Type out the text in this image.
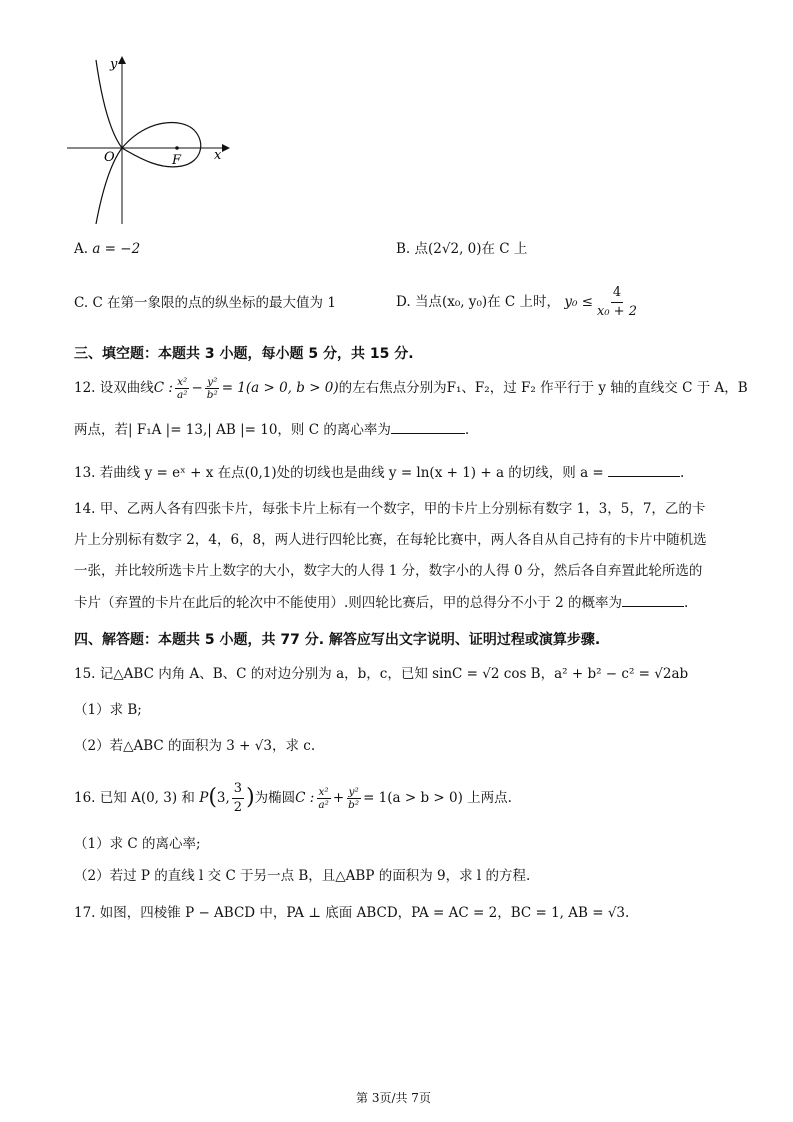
y
x
O	F
A. a = −2	B. 点(2√2, 0)在 C 上
C. C 在第一象限的点的纵坐标的最大值为 1	D.
当点 (x₀, y₀) 在 C 上时，
$y_0 \le \frac{4}{\text{x₀ + 2}}$
三、填空题：本题共 3 小题，每小题 5 分，共 15 分.
12.
设双曲线 C : $\frac{\text{x²}}{\text{a²}} - \frac{\text{y²}}{\text{b²}} = 1(a > 0$, b > 0) 的左右焦点分别为F₁、F₂，过 F₂ 作平行于 y 轴的直线交 C 于 A，B
两点，若| F₁A |= 13,| AB |= 10，则 C 的离心率为	.
13. 若曲线 y = eˣ + x 在点(0,1)处的切线也是曲线 y = ln(x + 1) + a 的切线，则 a =	.
14. 甲、乙两人各有四张卡片，每张卡片上标有一个数字，甲的卡片上分别标有数字 1，3，5，7，乙的卡
片上分别标有数字 2，4，6，8，两人进行四轮比赛，在每轮比赛中，两人各自从自己持有的卡片中随机选
一张，并比较所选卡片上数字的大小，数字大的人得 1 分，数字小的人得 0 分，然后各自弃置此轮所选的
卡片（弃置的卡片在此后的轮次中不能使用）.则四轮比赛后，甲的总得分不小于 2 的概率为	.
四、解答题：本题共 5 小题，共 77 分. 解答应写出文字说明、证明过程或演算步骤.
15. 记△ABC 内角 A、B、C 的对边分别为 a，b，c，已知 sinC = √2 cos B，a² + b² − c² = √2ab
（1）求 B;
（2）若△ABC 的面积为 3 + √3，求 c.
16.
已知 A(0, 3) 和
P ( 3, $\frac{3}{2}$ ) 为椭圆 C : $\frac{\text{x²}}{\text{a²}} + \frac{\text{y²}}{\text{b²}} = 1(a > b > 0)$ 上两点.
（1）求 C 的离心率;
（2）若过 P 的直线 l 交 C 于另一点 B，且△ABP 的面积为 9，求 l 的方程.
17. 如图，四棱锥 P − ABCD 中，PA ⊥ 底面 ABCD，PA = AC = 2，BC = 1, AB = √3.
第 3页/共 7页
